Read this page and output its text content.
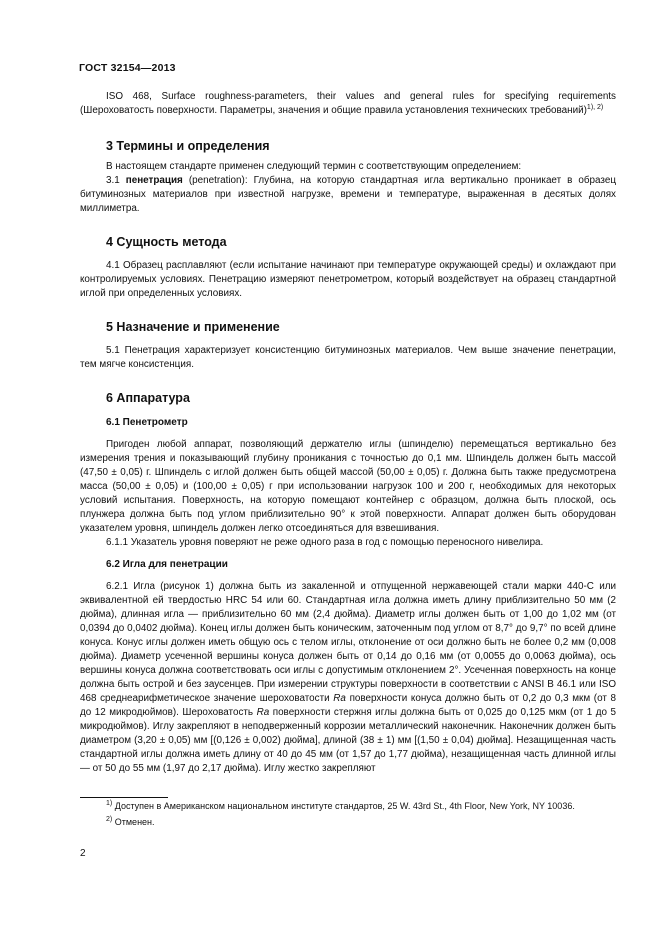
ГОСТ 32154—2013

ISO 468, Surface roughness-parameters, their values and general rules for specifying requirements (Шероховатость поверхности. Параметры, значения и общие правила установления технических требований)$^{1), 2)}$

3 Термины и определения

В настоящем стандарте применен следующий термин с соответствующим определением:

3.1 пенетрация (penetration): Глубина, на которую стандартная игла вертикально проникает в образец битуминозных материалов при известной нагрузке, времени и температуре, выраженная в десятых долях миллиметра.

4 Сущность метода

4.1 Образец расплавляют (если испытание начинают при температуре окружающей среды) и охлаждают при контролируемых условиях. Пенетрацию измеряют пенетрометром, который воздействует на образец стандартной иглой при определенных условиях.

5 Назначение и применение

5.1 Пенетрация характеризует консистенцию битуминозных материалов. Чем выше значение пенетрации, тем мягче консистенция.

6 Аппаратура
6.1 Пенетрометр

Пригоден любой аппарат, позволяющий держателю иглы (шпинделю) перемещаться вертикально без измерения трения и показывающий глубину проникания с точностью до 0,1 мм. Шпиндель должен быть массой (47,50 ± 0,05) г. Шпиндель с иглой должен быть общей массой (50,00 ± 0,05) г. Должна быть также предусмотрена масса (50,00 ± 0,05) и (100,00 ± 0,05) г при использовании нагрузок 100 и 200 г, необходимых для некоторых условий испытания. Поверхность, на которую помещают контейнер с образцом, должна быть плоской, ось плунжера должна быть под углом приблизительно 90° к этой поверхности. Аппарат должен быть оборудован указателем уровня, шпиндель должен легко отсоединяться для взвешивания.

6.1.1 Указатель уровня поверяют не реже одного раза в год с помощью переносного нивелира.

6.2 Игла для пенетрации

6.2.1 Игла (рисунок 1) должна быть из закаленной и отпущенной нержавеющей стали марки 440-С или эквивалентной ей твердостью HRC 54 или 60. Стандартная игла должна иметь длину приблизительно 50 мм (2 дюйма), длинная игла — приблизительно 60 мм (2,4 дюйма). Диаметр иглы должен быть от 1,00 до 1,02 мм (от 0,0394 до 0,0402 дюйма). Конец иглы должен быть коническим, заточенным под углом от 8,7° до 9,7° по всей длине конуса. Конус иглы должен иметь общую ось с телом иглы, отклонение от оси должно быть не более 0,2 мм (0,008 дюйма). Диаметр усеченной вершины конуса должен быть от 0,14 до 0,16 мм (от 0,0055 до 0,0063 дюйма), ось вершины конуса должна соответствовать оси иглы с допустимым отклонением 2°. Усеченная поверхность на конце должна быть острой и без заусенцев. При измерении структуры поверхности в соответствии с ANSI В 46.1 или ISO 468 среднеарифметическое значение шероховатости Ra поверхности конуса должно быть от 0,2 до 0,3 мкм (от 8 до 12 микродюймов). Шероховатость Ra поверхности стержня иглы должна быть от 0,025 до 0,125 мкм (от 1 до 5 микродюймов). Иглу закрепляют в неподверженный коррозии металлический наконечник. Наконечник должен быть диаметром (3,20 ± 0,05) мм [(0,126 ± 0,002) дюйма], длиной (38 ± 1) мм [(1,50 ± 0,04) дюйма]. Незащищенная часть стандартной иглы должна иметь длину от 40 до 45 мм (от 1,57 до 1,77 дюйма), незащищенная часть длинной иглы — от 50 до 55 мм (1,97 до 2,17 дюйма). Иглу жестко закрепляют

$^{1)}$ Доступен в Американском национальном институте стандартов, 25 W. 43rd St., 4th Floor, New York, NY 10036.

$^{2)}$ Отменен.

2
